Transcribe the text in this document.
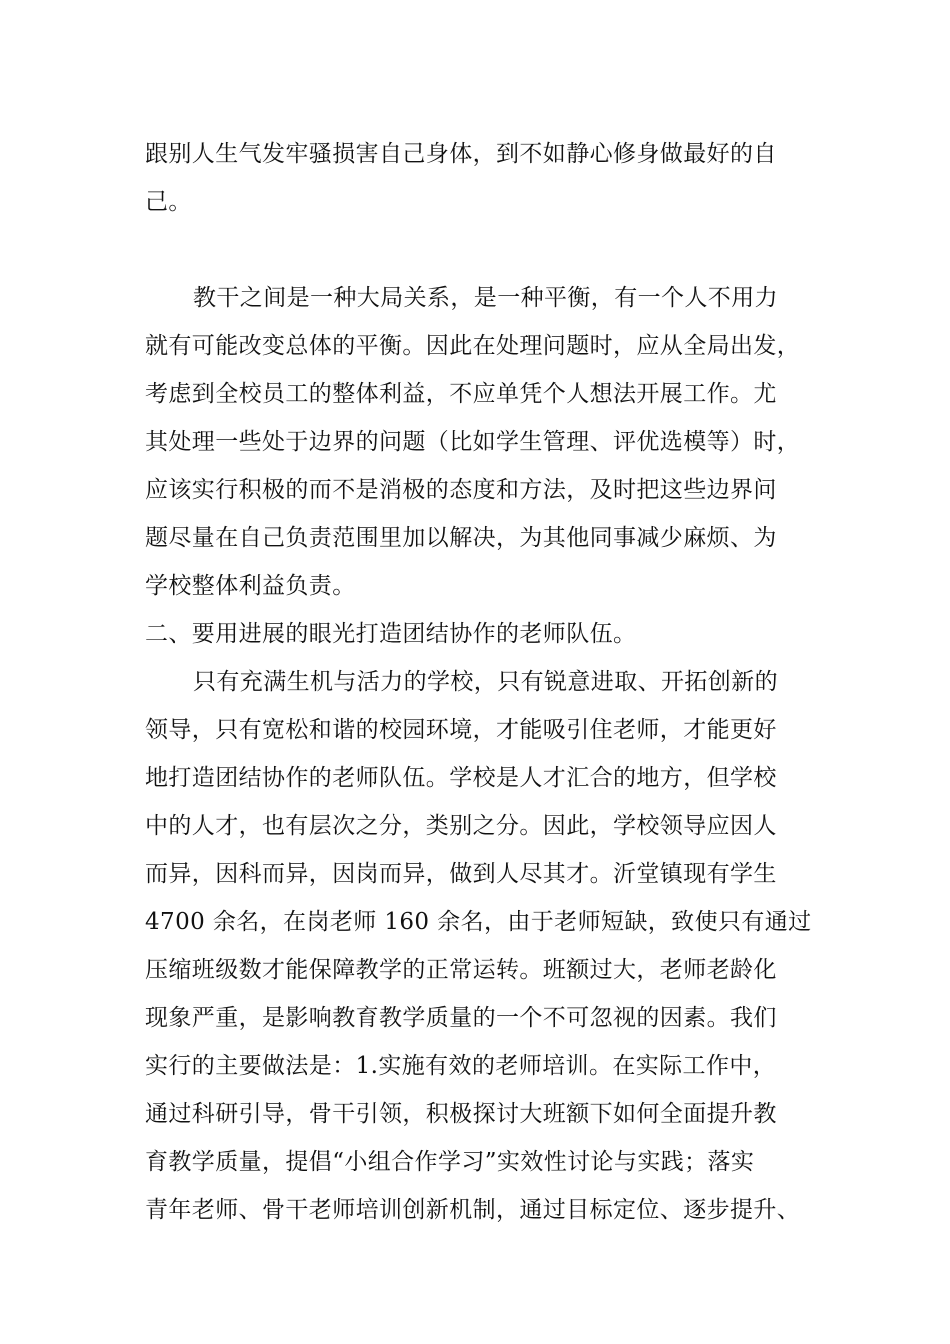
跟别人生气发牢骚损害自己身体，到不如静心修身做最好的自
己。
教干之间是一种大局关系，是一种平衡，有一个人不用力
就有可能改变总体的平衡。因此在处理问题时，应从全局出发，
考虑到全校员工的整体利益，不应单凭个人想法开展工作。尤
其处理一些处于边界的问题（比如学生管理、评优选模等）时，
应该实行积极的而不是消极的态度和方法，及时把这些边界问
题尽量在自己负责范围里加以解决，为其他同事减少麻烦、为
学校整体利益负责。
二、要用进展的眼光打造团结协作的老师队伍。
只有充满生机与活力的学校，只有锐意进取、开拓创新的
领导，只有宽松和谐的校园环境，才能吸引住老师，才能更好
地打造团结协作的老师队伍。学校是人才汇合的地方，但学校
中的人才，也有层次之分，类别之分。因此，学校领导应因人
而异，因科而异，因岗而异，做到人尽其才。沂堂镇现有学生
4700 余名，在岗老师 160 余名，由于老师短缺，致使只有通过
压缩班级数才能保障教学的正常运转。班额过大，老师老龄化
现象严重，是影响教育教学质量的一个不可忽视的因素。我们
实行的主要做法是：1.实施有效的老师培训。在实际工作中，
通过科研引导，骨干引领，积极探讨大班额下如何全面提升教
育教学质量，提倡“小组合作学习”实效性讨论与实践；落实
青年老师、骨干老师培训创新机制，通过目标定位、逐步提升、
